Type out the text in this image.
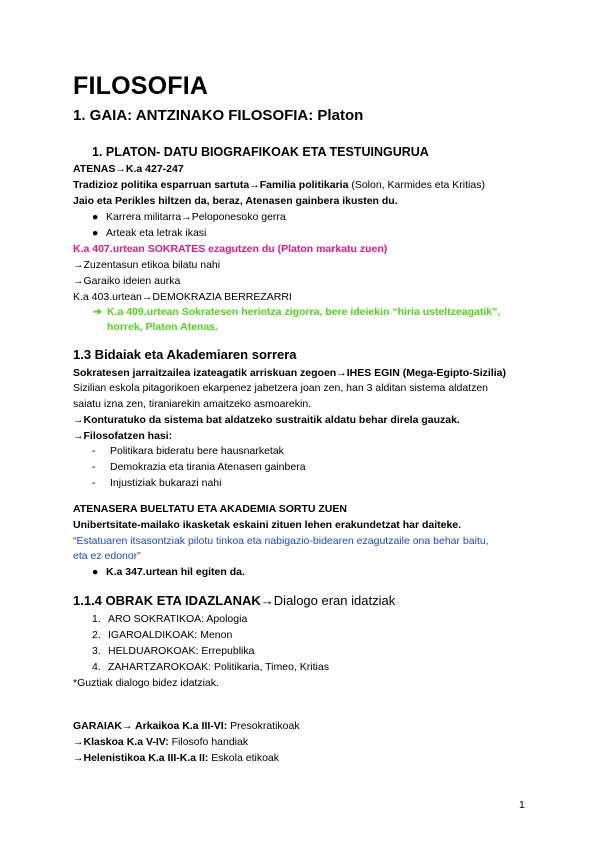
FILOSOFIA
1. GAIA: ANTZINAKO FILOSOFIA: Platon
1. PLATON- DATU BIOGRAFIKOAK ETA TESTUINGURUA
ATENAS→K.a 427-247
Tradizioz politika esparruan sartuta→Familia politikaria (Solon, Karmides eta Kritias)
Jaio eta Perikles hiltzen da, beraz, Atenasen gainbera ikusten du.
● Karrera militarra→Peloponesoko gerra
● Arteak eta letrak ikasi
K.a 407.urtean SOKRATES ezagutzen du (Platon markatu zuen)
→Zuzentasun etikoa bilatu nahi
→Garaiko ideien aurka
K.a 403.urtean→DEMOKRAZIA BERREZARRI
➔ K.a 409.urtean Sokratesen heriotza zigorra, bere ideiekin “hiria usteltzeagatik”,
horrek, Platon Atenas.
1.3 Bidaiak eta Akademiaren sorrera
Sokratesen jarraitzailea izateagatik arriskuan zegoen→IHES EGIN (Mega-Egipto-Sizilia)
Sizilian eskola pitagorikoen ekarpenez jabetzera joan zen, han 3 alditan sistema aldatzen
saiatu izna zen, tiraniarekin amaitzeko asmoarekin.
→Konturatuko da sistema bat aldatzeko sustraitik aldatu behar direla gauzak.
→Filosofatzen hasi:
- Politikara bideratu bere hausnarketak
- Demokrazia eta tirania Atenasen gainbera
- Injustiziak bukarazi nahi
ATENASERA BUELTATU ETA AKADEMIA SORTU ZUEN
Unibertsitate-mailako ikasketak eskaini zituen lehen erakundetzat har daiteke.
“Estatuaren itsasontziak pilotu tinkoa eta nabigazio-bidearen ezagutzaile ona behar baitu,
eta ez edonor”
● K.a 347.urtean hil egiten da.
1.1.4 OBRAK ETA IDAZLANAK→Dialogo eran idatziak
1. ARO SOKRATIKOA: Apologia
2. IGAROALDIKOAK: Menon
3. HELDUAROKOAK: Errepublika
4. ZAHARTZAROKOAK: Politikaria, Timeo, Kritias
*Guztiak dialogo bidez idatziak.
GARAIAK→ Arkaikoa K.a III-VI: Presokratikoak
→Klaskoa K.a V-IV: Filosofo handiak
→Helenistikoa K.a III-K.a II: Eskola etikoak
1
